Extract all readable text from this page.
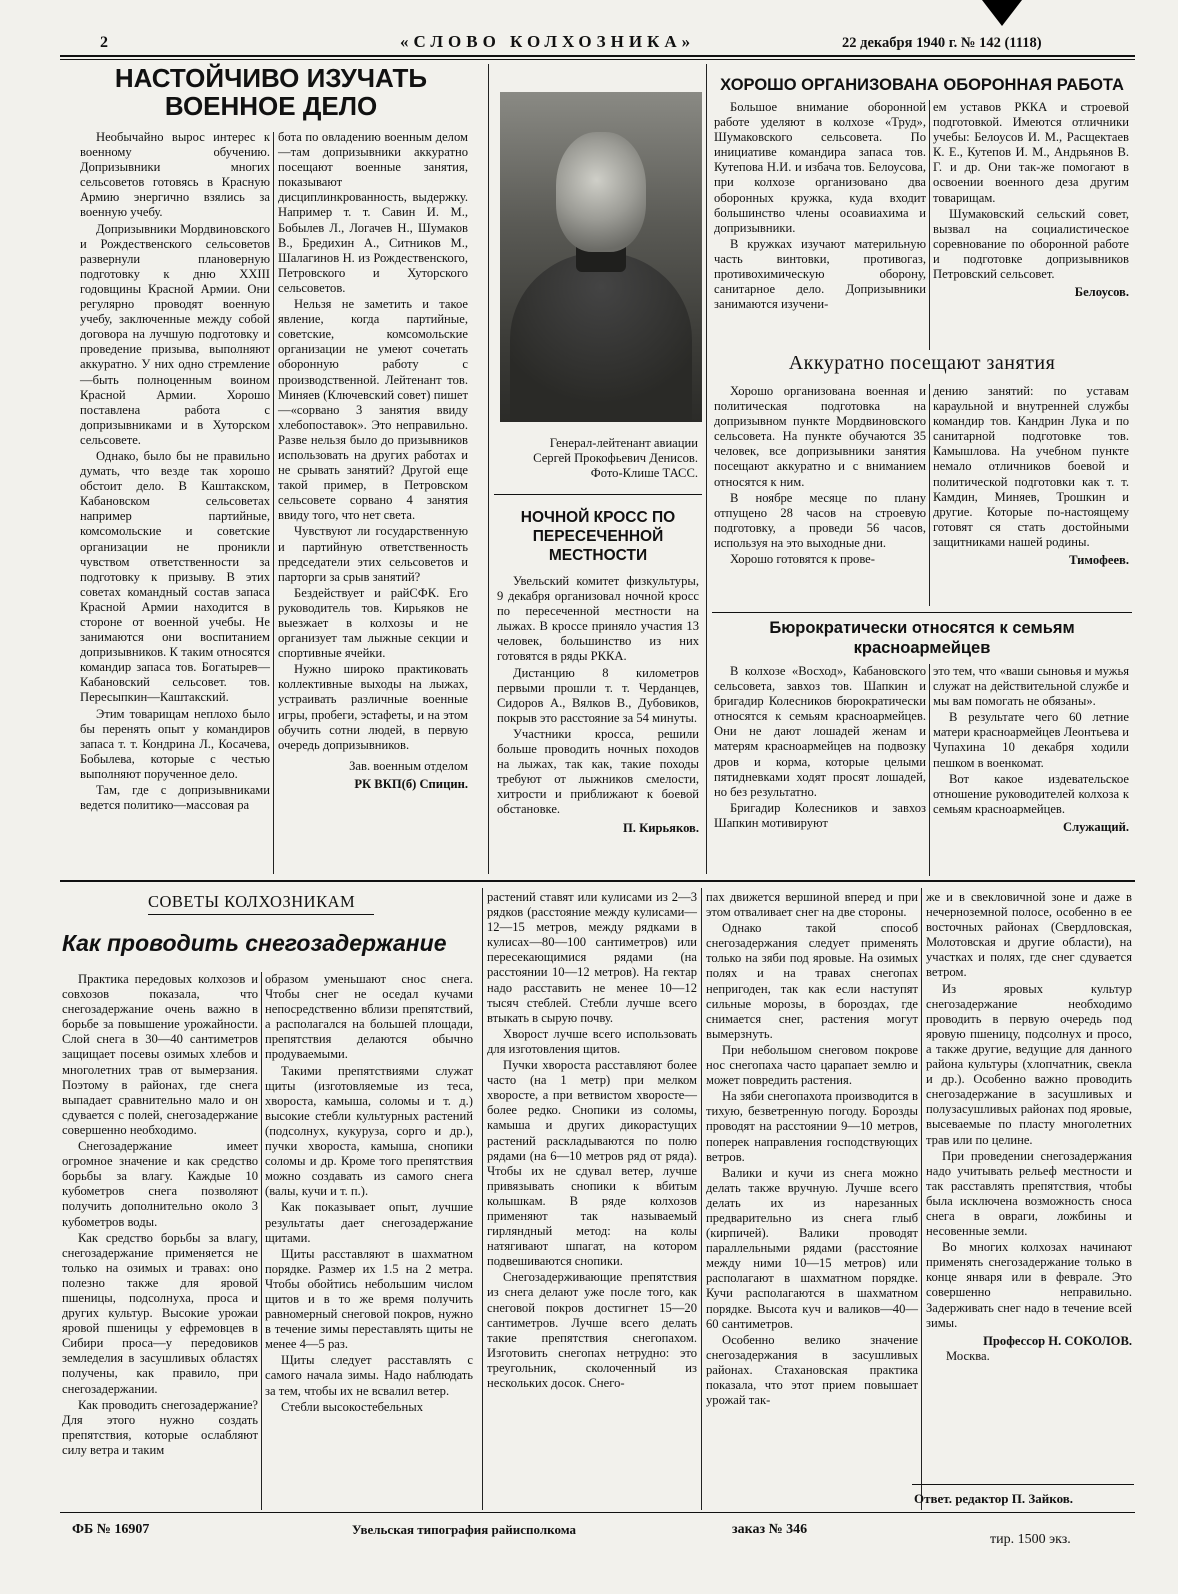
2	«СЛОВО КОЛХОЗНИКА»	22 декабря 1940 г. № 142 (1118)
НАСТОЙЧИВО ИЗУЧАТЬ
ВОЕННОЕ ДЕЛО

Необычайно вырос интерес к военному обучению. Допризывники многих сельсоветов готовясь в Красную Армию энергично взялись за военную учебу.

Допризывники Мордвиновского и Рождественского сельсоветов развернули плановерную подготовку к дню XXIII годовщины Красной Армии. Они регулярно проводят военную учебу, заключенные между собой договора на лучшую подготовку и проведение призыва, выполняют аккуратно. У них одно стремление—быть полноценным воином Красной Армии. Хорошо поставлена работа с допризывниками и в Хуторском сельсовете.

Однако, было бы не правильно думать, что везде так хорошо обстоит дело. В Каштакском, Кабановском сельсоветах например партийные, комсомольские и советские организации не проникли чувством ответственности за подготовку к призыву. В этих советах командный состав запаса Красной Армии находится в стороне от военной учебы. Не занимаются они воспитанием допризывников. К таким относятся командир запаса тов. Богатырев—Кабановский сельсовет. тов. Пересыпкин—Каштакский.

Этим товарищам неплохо было бы перенять опыт у командиров запаса т. т. Кондрина Л., Косачева, Бобылева, которые с честью выполняют порученное дело.

Там, где с допризывниками ведется политико—массовая ра

бота по овладению военным делом—там допризывники аккуратно посещают военные занятия, показывают дисциплинкрованность, выдержку. Например т. т. Савин И. М., Бобылев Л., Логачев Н., Шумаков В., Бредихин А., Ситников М., Шалагинов Н. из Рождественского, Петровского и Хуторского сельсоветов.

Нельзя не заметить и такое явление, когда партийные, советские, комсомольские организации не умеют сочетать оборонную работу с производственной. Лейтенант тов. Миняев (Ключевский совет) пишет—«сорвано 3 занятия ввиду хлебопоставок». Это неправильно. Разве нельзя было до призывников использовать на других работах и не срывать занятий? Другой еще такой пример, в Петровском сельсовете сорвано 4 занятия ввиду того, что нет света.

Чувствуют ли государственную и партийную ответственность председатели этих сельсоветов и парторги за срыв занятий?

Бездействует и райСФК. Его руководитель тов. Кирьяков не выезжает в колхозы и не организует там лыжные секции и спортивные ячейки.

Нужно широко практиковать коллективные выходы на лыжах, устраивать различные военные игры, пробеги, эстафеты, и на этом обучить сотни людей, в первую очередь допризывников.

Зав. военным отделом
РК ВКП(б) Спицин.
Генерал-лейтенант авиации
Сергей Прокофьевич Денисов.
Фото-Клише ТАСС.
НОЧНОЙ КРОСС ПО
ПЕРЕСЕЧЕННОЙ
МЕСТНОСТИ

Увельский комитет физкультуры, 9 декабря организовал ночной кросс по пересеченной местности на лыжах. В кроссе приняло участия 13 человек, большинство из них готовятся в ряды РККА.

Дистанцию 8 километров первыми прошли т. т. Черданцев, Сидоров А., Вялков В., Дубовиков, покрыв это расстояние за 54 минуты.

Участники кросса, решили больше проводить ночных походов на лыжах, так как, такие походы требуют от лыжников смелости, хитрости и приближают к боевой обстановке.

П. Кирьяков.
ХОРОШО ОРГАНИЗОВАНА ОБОРОННАЯ РАБОТА

Большое внимание оборонной работе уделяют в колхозе «Труд», Шумаковского сельсовета. По инициативе командира запаса тов. Кутепова Н.И. и избача тов. Белоусова, при колхозе организовано два оборонных кружка, куда входит большинство члены осоавиахима и допризывники.

В кружках изучают материльную часть винтовки, противогаз, противохимическую оборону, санитарное дело. Допризывники занимаются изучени-

ем уставов РККА и строевой подготовкой. Имеются отличники учебы: Белоусов И. М., Расщектаев К. Е., Кутепов И. М., Андрьянов В. Г. и др. Они так-же помогают в освоении военного деза другим товарищам.

Шумаковский сельский совет, вызвал на социалистическое соревнование по оборонной работе и подготовке допризывников Петровский сельсовет.

Белоусов.
Аккуратно посещают занятия

Хорошо организована военная и политическая подготовка на допризывном пункте Мордвиновского сельсовета. На пункте обучаются 35 человек, все допризывники занятия посещают аккуратно и с вниманием относятся к ним.

В ноябре месяце по плану отпущено 28 часов на строевую подготовку, а проведи 56 часов, используя на это выходные дни.

Хорошо готовятся к прове-

дению занятий: по уставам караульной и внутренней службы командир тов. Кандрин Лука и по санитарной подготовке тов. Камышлова. На учебном пункте немало отличников боевой и политической подготовки как т. т. Камдин, Миняев, Трошкин и другие. Которые по-настоящему готовят ся стать достойными защитниками нашей родины.

Тимофеев.
Бюрократически относятся к семьям
красноармейцев

В колхозе «Восход», Кабановского сельсовета, завхоз тов. Шапкин и бригадир Колесников бюрократически относятся к семьям красноармейцев. Они не дают лошадей женам и матерям красноармейцев на подвозку дров и корма, которые целыми пятидневками ходят просят лошадей, но без результатно.

Бригадир Колесников и завхоз Шапкин мотивируют

это тем, что «ваши сыновья и мужья служат на действительной службе и мы вам помогать не обязаны».

В результате чего 60 летние матери красноармейцев Леонтьева и Чупахина 10 декабря ходили пешком в военкомат.

Вот какое издевательское отношение руководителей колхоза к семьям красноармейцев.

Служащий.
СОВЕТЫ КОЛХОЗНИКАМ
Как проводить снегозадержание

Практика передовых колхозов и совхозов показала, что снегозадержание очень важно в борьбе за повышение урожайности. Слой снега в 30—40 сантиметров защищает посевы озимых хлебов и многолетних трав от вымерзания. Поэтому в районах, где снега выпадает сравнительно мало и он сдувается с полей, снегозадержание совершенно необходимо.

Снегозадержание имеет огромное значение и как средство борьбы за влагу. Каждые 10 кубометров снега позволяют получить дополнительно около 3 кубометров воды.

Как средство борьбы за влагу, снегозадержание применяется не только на озимых и травах: оно полезно также для яровой пшеницы, подсолнуха, проса и других культур. Высокие урожаи яровой пшеницы у ефремовцев в Сибири проса—у передовиков земледелия в засушливых областях получены, как правило, при снегозадержании.

Как проводить снегозадержание? Для этого нужно создать препятствия, которые ослабляют силу ветра и таким

образом уменьшают снос снега. Чтобы снег не оседал кучами непосредственно вблизи препятствий, а располагался на большей площади, препятствия делаются обычно продуваемыми.

Такими препятствиями служат щиты (изготовляемые из теса, хвороста, камыша, соломы и т. д.) высокие стебли культурных растений (подсолнух, кукуруза, сорго и др.), пучки хвороста, камыша, снопики соломы и др. Кроме того препятствия можно создавать из самого снега (валы, кучи и т. п.).

Как показывает опыт, лучшие результаты дает снегозадержание щитами.

Щиты расставляют в шахматном порядке. Размер их 1.5 на 2 метра. Чтобы обойтись небольшим числом щитов и в то же время получить равномерный снеговой покров, нужно в течение зимы переставлять щиты не менее 4—5 раз.

Щиты следует расставлять с самого начала зимы. Надо наблюдать за тем, чтобы их не всвалил ветер.

Стебли высокостебельных

растений ставят или кулисами из 2—3 рядков (расстояние между кулисами—12—15 метров, между рядками в кулисах—80—100 сантиметров) или пересекающимися рядами (на расстоянии 10—12 метров). На гектар надо расставить не менее 10—12 тысяч стеблей. Стебли лучше всего втыкать в сырую почву.

Хворост лучше всего использовать для изготовления щитов.

Пучки хвороста расставляют более часто (на 1 метр) при мелком хворосте, а при ветвистом хворосте—более редко. Снопики из соломы, камыша и других дикорастущих растений раскладываются по полю рядами (на 6—10 метров ряд от ряда). Чтобы их не сдувал ветер, лучше привязывать снопики к вбитым колышкам. В ряде колхозов применяют так называемый гирляндный метод: на колы натягивают шпагат, на котором подвешиваются снопики.

Снегозадерживающие препятствия из снега делают уже после того, как снеговой покров достигнет 15—20 сантиметров. Лучше всего делать такие препятствия снегопахом. Изготовить снегопах нетрудно: это треугольник, сколоченный из нескольких досок. Снего-

пах движется вершиной вперед и при этом отваливает снег на две стороны.

Однако такой способ снегозадержания следует применять только на зяби под яровые. На озимых полях и на травах снегопах непригоден, так как если наступят сильные морозы, в бороздах, где снимается снег, растения могут вымерзнуть.

При небольшом снеговом покрове нос снегопаха часто царапает землю и может повредить растения.

На зяби снегопахота производится в тихую, безветренную погоду. Борозды проводят на расстоянии 9—10 метров, поперек направления господствующих ветров.

Валики и кучи из снега можно делать также вручную. Лучше всего делать их из нарезанных предварительно из снега глыб (кирпичей). Валики проводят параллельными рядами (расстояние между ними 10—15 метров) или располагают в шахматном порядке. Кучи располагаются в шахматном порядке. Высота куч и валиков—40—60 сантиметров.

Особенно велико значение снегозадержания в засушливых районах. Стахановская практика показала, что этот прием повышает урожай так-

же и в свекловичной зоне и даже в нечерноземной полосе, особенно в ее восточных районах (Свердловская, Молотовская и другие области), на участках и полях, где снег сдувается ветром.

Из яровых культур снегозадержание необходимо проводить в первую очередь под яровую пшеницу, подсолнух и просо, а также другие, ведущие для данного района культуры (хлопчатник, свекла и др.). Особенно важно проводить снегозадержание в засушливых и полузасушливых районах под яровые, высеваемые по пласту многолетних трав или по целине.

При проведении снегозадержания надо учитывать рельеф местности и так расставлять препятствия, чтобы была исключена возможность сноса снега в овраги, ложбины и несовенные земли.

Во многих колхозах начинают применять снегозадержание только в конце января или в феврале. Это совершенно неправильно. Задерживать снег надо в течение всей зимы.

Профессор Н. СОКОЛОВ.
Москва.
Ответ. редактор П. Зайков.
ФБ № 16907	Увельская типография райисполкома	заказ № 346
тир. 1500 экз.
